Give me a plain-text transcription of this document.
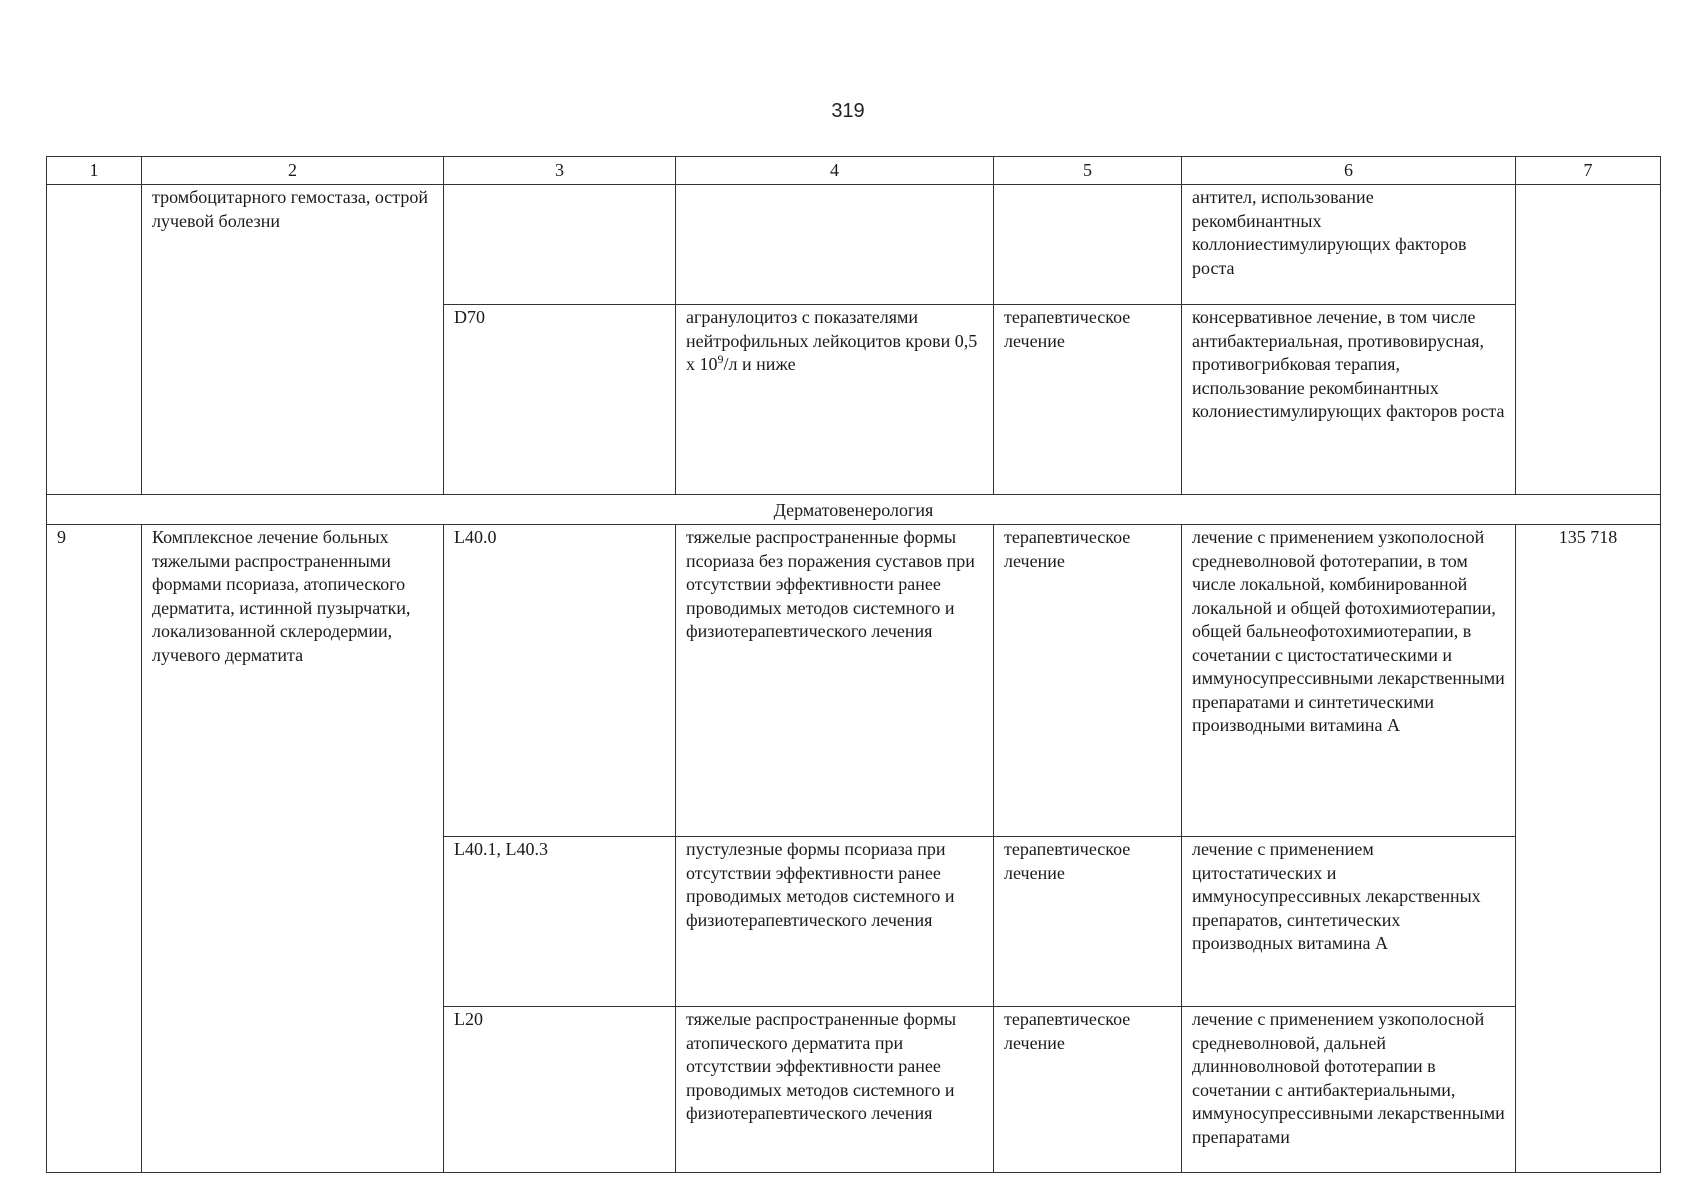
319
1	2	3	4	5	6	7
	тромбоцитарного гемостаза, острой лучевой болезни				антител, использование рекомбинантных коллониестимулирующих факторов роста	
		D70	агранулоцитоз с показателями нейтрофильных лейкоцитов крови 0,5 х $10^9/л$ и ниже	терапевтическое лечение	консервативное лечение, в том числе антибактериальная, противовирусная, противогрибковая терапия, использование рекомбинантных колониестимулирующих факторов роста	
Дерматовенерология						
9	Комплексное лечение больных тяжелыми распространенными формами псориаза, атопического дерматита, истинной пузырчатки, локализованной склеродермии, лучевого дерматита	L40.0	тяжелые распространенные формы псориаза без поражения суставов при отсутствии эффективности ранее проводимых методов системного и физиотерапевтического лечения	терапевтическое лечение	лечение с применением узкополосной средневолновой фототерапии, в том числе локальной, комбинированной локальной и общей фотохимиотерапии, общей бальнеофотохимиотерапии, в сочетании с цистостатическими и иммуносупрессивными лекарственными препаратами и синтетическими производными витамина А	135 718
		L40.1, L40.3	пустулезные формы псориаза при отсутствии эффективности ранее проводимых методов системного и физиотерапевтического лечения	терапевтическое лечение	лечение с применением цитостатических и иммуносупрессивных лекарственных препаратов, синтетических производных витамина А	
		L20	тяжелые распространенные формы атопического дерматита при отсутствии эффективности ранее проводимых методов системного и физиотерапевтического лечения	терапевтическое лечение	лечение с применением узкополосной средневолновой, дальней длинноволновой фототерапии в сочетании с антибактериальными, иммуносупрессивными лекарственными препаратами	
